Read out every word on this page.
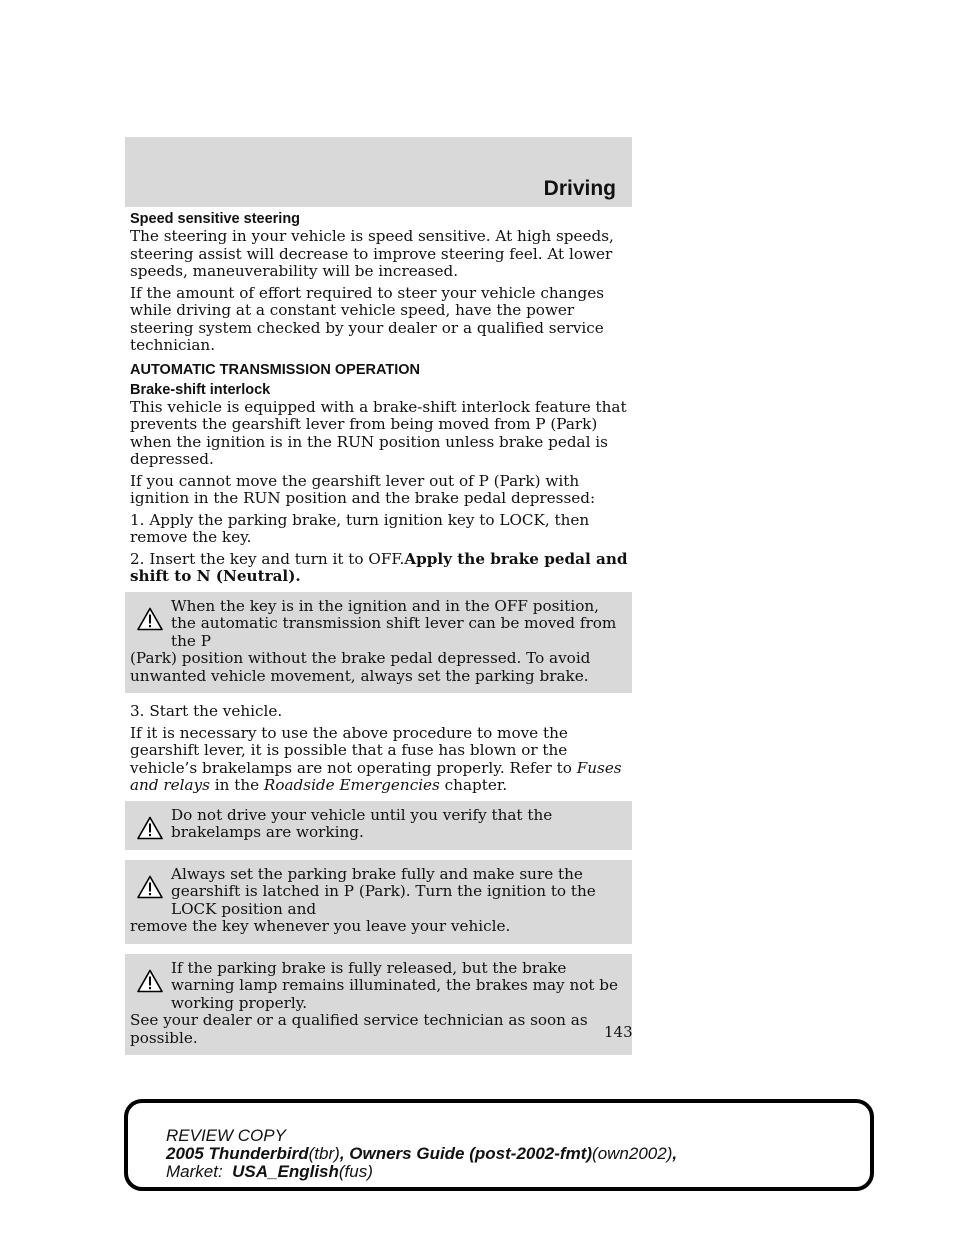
Driving
Speed sensitive steering

The steering in your vehicle is speed sensitive. At high speeds, steering assist will decrease to improve steering feel. At lower speeds, maneuverability will be increased.

If the amount of effort required to steer your vehicle changes while driving at a constant vehicle speed, have the power steering system checked by your dealer or a qualified service technician.

AUTOMATIC TRANSMISSION OPERATION
Brake-shift interlock

This vehicle is equipped with a brake-shift interlock feature that prevents the gearshift lever from being moved from P (Park) when the ignition is in the RUN position unless brake pedal is depressed.

If you cannot move the gearshift lever out of P (Park) with ignition in the RUN position and the brake pedal depressed:

1. Apply the parking brake, turn ignition key to LOCK, then remove the key.

2. Insert the key and turn it to OFF.Apply the brake pedal and shift to N (Neutral).

When the key is in the ignition and in the OFF position, the automatic transmission shift lever can be moved from the P
(Park) position without the brake pedal depressed. To avoid unwanted vehicle movement, always set the parking brake.

3. Start the vehicle.

If it is necessary to use the above procedure to move the gearshift lever, it is possible that a fuse has blown or the vehicle’s brakelamps are not operating properly. Refer to Fuses and relays in the Roadside Emergencies chapter.

Do not drive your vehicle until you verify that the brakelamps are working.
Always set the parking brake fully and make sure the gearshift is latched in P (Park). Turn the ignition to the LOCK position and
remove the key whenever you leave your vehicle.
If the parking brake is fully released, but the brake warning lamp remains illuminated, the brakes may not be working properly.
See your dealer or a qualified service technician as soon as possible.	143
REVIEW COPY
2005 Thunderbird(tbr), Owners Guide (post-2002-fmt)(own2002),
Market: USA_English(fus)
